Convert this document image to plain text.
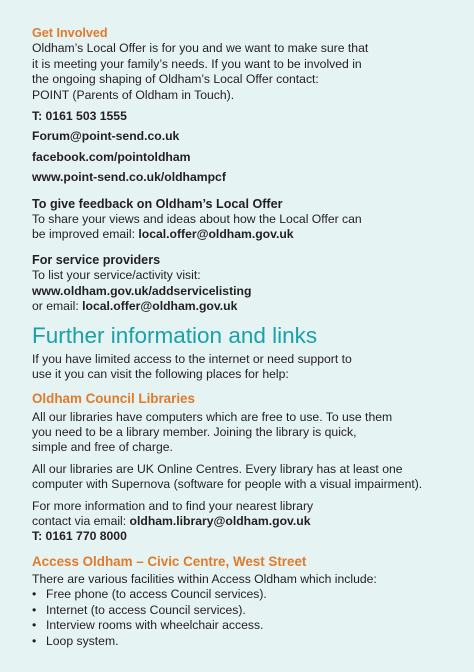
Get Involved

Oldham’s Local Offer is for you and we want to make sure that

it is meeting your family’s needs. If you want to be involved in

the ongoing shaping of Oldham’s Local Offer contact:

POINT (Parents of Oldham in Touch).

T: 0161 503 1555

Forum@point-send.co.uk

facebook.com/pointoldham

www.point-send.co.uk/oldhampcf

To give feedback on Oldham’s Local Offer

To share your views and ideas about how the Local Offer can

be improved email: local.offer@oldham.gov.uk

For service providers

To list your service/activity visit:

www.oldham.gov.uk/addservicelisting

or email: local.offer@oldham.gov.uk

Further information and links

If you have limited access to the internet or need support to

use it you can visit the following places for help:

Oldham Council Libraries

All our libraries have computers which are free to use. To use them

you need to be a library member. Joining the library is quick,

simple and free of charge.

All our libraries are UK Online Centres. Every library has at least one

computer with Supernova (software for people with a visual impairment).

For more information and to find your nearest library

contact via email: oldham.library@oldham.gov.uk

T: 0161 770 8000

Access Oldham – Civic Centre, West Street

There are various facilities within Access Oldham which include:

• Free phone (to access Council services).
• Internet (to access Council services).
• Interview rooms with wheelchair access.
• Loop system.
